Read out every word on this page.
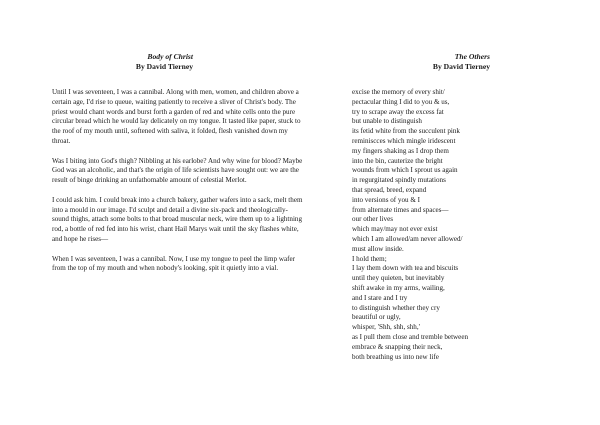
Body of Christ
By David Tierney

Until I was seventeen, I was a cannibal. Along with men, women, and children above a certain age, I'd rise to queue, waiting patiently to receive a sliver of Christ's body. The priest would chant words and burst forth a garden of red and white cells onto the pure circular bread which he would lay delicately on my tongue. It tasted like paper, stuck to the roof of my mouth until, softened with saliva, it folded, flesh vanished down my throat.

Was I biting into God's thigh? Nibbling at his earlobe? And why wine for blood? Maybe God was an alcoholic, and that's the origin of life scientists have sought out: we are the result of binge drinking an unfathomable amount of celestial Merlot.

I could ask him. I could break into a church bakery, gather wafers into a sack, melt them into a mould in our image. I'd sculpt and detail a divine six-pack and theologically-sound thighs, attach some bolts to that broad muscular neck, wire them up to a lightning rod, a bottle of red fed into his wrist, chant Hail Marys wait until the sky flashes white, and hope he rises—

When I was seventeen, I was a cannibal. Now, I use my tongue to peel the limp wafer from the top of my mouth and when nobody's looking, spit it quietly into a vial.

The Others
By David Tierney
excise the memory of every shit/
pectacular thing I did to you & us,
try to scrape away the excess fat
but unable to distinguish
its fetid white from the succulent pink
reminiscces which mingle iridescent
my fingers shaking as I drop them
into the bin, cauterize the bright
wounds from which I sprout us again
in regurgitated spindly mutations
that spread, breed, expand
into versions of you & I
from alternate times and spaces—
our other lives
which may/may not ever exist
which I am allowed/am never allowed/
must allow inside.
I hold them;
I lay them down with tea and biscuits
until they quieten, but inevitably
shift awake in my arms, wailing,
and I stare and I try
to distinguish whether they cry
beautiful or ugly,
whisper, 'Shh, shh, shh,'
as I pull them close and tremble between
embrace & snapping their neck,
both breathing us into new life
